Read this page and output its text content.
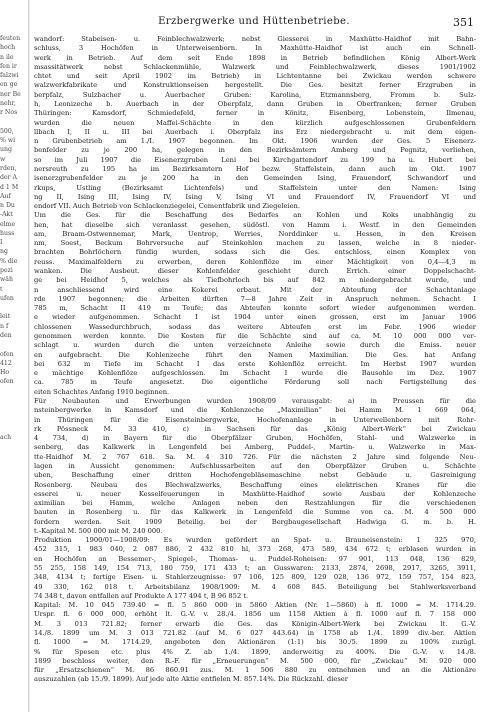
feuten
hoch
n ile
fen ir
falzwi
en ge
ner Be
nehr,
r Nos

500,
% wi
ung
w
rden,
der A
d 1 M
Auf
n Du
-Akt
elme
huss
I
ng
% die
pezi
wäh
t
ufen

leit
n f
den

ofen
412
Ho
ofen

ach

Erzbergwerke und Hüttenbetriebe.	351
wandorf: Stabeisen- u. Feinblechwalzwerk; nebst Giesserei in Maxhütte-Haidhof mit Bahn-
schluss, 3 Hochöfen in Unterweisenborn. In Maxhütte-Haidhof ist auch ein Schnell-
werk in Betrieb. Auf dem seit Ende 1898 in Betrieb befindlichen König Albert-Werk
msassitätwerk nebst Schlackenmühle, Walzwerk und Feinblechwalzwerk, dieses 1901/1902
chtet und seit April 1902 im Betrieb) in Lichtentanne bei Zwickau werden schwere
walzwerkfabrikate und Konstruktionseisen hergestellt. Die Ges. besitzt ferner Erzgruben in
berpfalz, Sulzbacher u. Auerbacher Gruben: Karolina, Etzmannsberg, Fromm b. Sulz-
h, Leonizeche b. Auerbach in der Oberpfalz, dann Gruben in Oberfranken; ferner Gruben
Thüringen: Kamsdorf, Schmiedefeld, ferner in Könitz, Eisenberg, Lobenstein, Ilmenau,
wurden die neuen Maffei-Schächte in den kürzlich aufgeschlossenen Grubenfeldern
llbach I, II u. III bei Auerbach i. Oberpfalz ins Erz niedergebracht u. mit dem eigen-
n Grubenbetrieb am 1./I. 1907 begonnen. Im Okt. 1906 wurden der Ges. 5 Eisenerz-
benfelder zu je 200 ha, gelegen in den Bezirksämtern Amberg und Pegnitz, verliehen,
so im Juli 1907 die Eisenerzgruben Leni bei Kirchgattendorf zu 199 ha u. Hubert bei
nersreuth zu 195 ha im Bezirksamtern Hof bezw. Staffelstein, dann auch im Okt. 1907
isenerzgrubenfelder zu je 200 ha in den Gemeinden Ising, Frauendorf, Schwandorf und
rkups, Ustling (Bezirksamt Lichtenfels) und Staffelstein unter den Namen: Ising
ng II, Ising III, Ising IV, Ising V, Ising VI und Frauendorf IV, Frauendorf VI und
endorf VII. Auch Betrieb von Schlackenziegelei, Cementfabrik und Ziegeleien.
Um die Ges. für die Beschaffung des Bedarfes an Kohlen und Koks unabhängig zu
hen, hat dieselbe sich veranlasst gesehen, südöstl. von Hamm i. Westf. in den Gemeinden
am, Braam-Ostwennemar, Mark, Uentrop, Werries, Norddinker u. Hessen, in den Kreisen
nm, Soest, Beckum Bohrversuche auf Steinkohlen machen zu lassen, welche in 8 nieder-
brachten Bohrlöchern fündig wurden, sodass sich die Ges. entschloss, einen Komplex von
reuss. Maximalfeldern zu erwerben, deren Kohlenflöze im einer Mächtigkeit von 0,4—4,3 m
wanken. Die Ausbeut. dieser Kohlenfelder geschieht durch Errich. einer Doppelschacht-
ge bei Heidhof 5, welches als Tiefbohrloch bis auf 842 m niedergebracht wurde, und
n anschliessend wird eine Kokerei erbaut. Mit der Abteufung der Schachtanlage
rde 1907 begonnen; die Arbeiten dürften 7—8 Jahre Zeit in Anspruch nehmen. Schacht I
785 m, Schacht II 419 m Teufe; das Abteufen konnte sofort wieder aufgenommen werden.
e wieder aufgenommen. Schacht I ist 1904 unter einen grossen, erst im Januar 1906
chlossenen Wassedurchbruch, sodass das weitere Abteufen erst im Febr. 1906 wieder
genommen werden konnte. Die Kosten für die Schächte sind auf ca. M. 10 000 000 ver-
schlagt u. wurden durch die unten verzeichnete Anleihe sowie durch die Emiss. neuer
en aufgebracht. Die Kohlenzeche führt den Namen Maximilian. Die Ges. hat Anfang
bei 632 m Tiefe im Schacht I das erste Kohlenflöz erreicht. Im Herbst 1907 wurden
e mächtige Kohlenflöze aufgeschlossen. Im Schacht I wurde die Bausohle im Dez. 1907
ca. 785 m Teufe angesetzt. Die eigentliche Förderung soll nach Fertigstellung des
eiten Schachtes Anfang 1910 beginnen.
Für Neubauten und Erwerbungen wurden 1908/09 verausgabt: a) in Preussen für die
nsteinbergwerke in Kamsdorf und die Kohlenzeche „Maximilian“ bei Hamm M. 1 669 064,
in Thüringen für die Eisensteinbergwerke, Hochofenanlage in Unterwellenborn mit Rohr-
rk Pössneck M. 33 410, c) in Sachsen für das „König Albert-Werk“ bei Zwickau
4 734, d) in Bayern für die Oberpfälzer Gruben, Hochöfen, Stahl- und Walzwerke in
senberg, das Kalkwerk in Lengenfeld bei Amberg, Puddel-, Martin- u. Walzwerke in Max-
tte-Haidhof M. 2 767 618. Sa. M. 4 310 726. Für die nächsten 2 Jahre sind folgende Neu-
lagen in Aussicht genommen: Aufschlussarbeiten auf den Oberpfälzer Gruben u. Schächte
uben, Beschaffung einer dritten Hochofengebläsemaschine nebst Gebäude u. Gasreinigung
Rosenberg. Neubau des Blechwalzwerks, Beschaffung eines elektrischen Kranes für die
esserei u. neuer Kesselfeuerungen in Maxhütte-Haidhof sowie Ausbau der Kohlenzeche
aximilian bei Hamm, welche Anlagen neben den Restzahlungen für die verschiedenen
bauten in Rosenberg u. für das Kalkwerk in Lengenfeld die Summe von ca. M. 4 500 000
fordern werden. Seit 1909 Beteilig. bei der Bergbaugesellschaft Hadwiga G. m. b. H.
t.-Kapital M. 500 000 mit M. 240 000.
Produktion 1900/01—1908/09: Es wurden gefördert an Spat- u. Brauneisenstein: 1 325 970,
452 315, 1 983 040, 2 087 886, 2 432 810 hl, 373 268, 473 589, 434 672 t; erblasen wurden in
en Hochöfen an Bessemer-, Spiegel-, Thomas- u. Puddel-Roheisen: 97 901, 113 048, 136 829,
55 255, 158 149, 154 713, 180 759, 171 433 t; an Gusswaren: 2133, 2874, 2698, 2917, 3265, 3911,
348, 4134 t; fertige Eisen- u. Stahlerzeugnisse: 97 106, 125 809, 129 028, 136 972, 159 757, 154 823,
49 330, 162 018 t. Arbeitsbilanz 1908/1909: M. 4 608 845. Beteiligung bei Stahlwerksverband
74 348 t, davon entfallen auf Produkte A 177 494 t, B 96 852 t.
Kapital: M. 10 045 739.40 = fl. 5 860 000 in 5860 Aktien (Nr. 1—5860) à fl. 1000 = M. 1714.29.
Urspr. fl. 6 000 000, erhöht lt. G.-V. v. 28./4. 1856 um 1158 Aktien à fl. 1000 auf fl. 7 158 000
M. 3 013 721.82; ferner erwarb die Ges. das Königin-Albert-Werk bei Zwickau lt. G.-V.
14./8. 1899 um M. 3 013 721.82 (auf M. 6 027 443.64) in 1758 ab 1./4. 1899 div.-ber. Aktien
fl. 1000 = M. 1714.29, angeboten den Aktionären (1:1) bis 30./5. 1899 zu 100% zuzügl.
% für Spesen etc. plus 4% Z. ab 1./4. 1899, anderweitig zu 400%. Die G.-V. v. 14./8.
1899 beschloss weiter, den R.-F. für „Erneuerungen“ M. 500 000, für „Zwickau“ M. 920 000
für „Ersatzschienen“ M. 86 860.91 zus. M. 1 506 880 zu entnehmen und an die Aktionäre
auszuzahlen (ab 15./9. 1899). Auf jede alte Aktie entfielen M. 857.14%. Die Rückzahl. dieser
